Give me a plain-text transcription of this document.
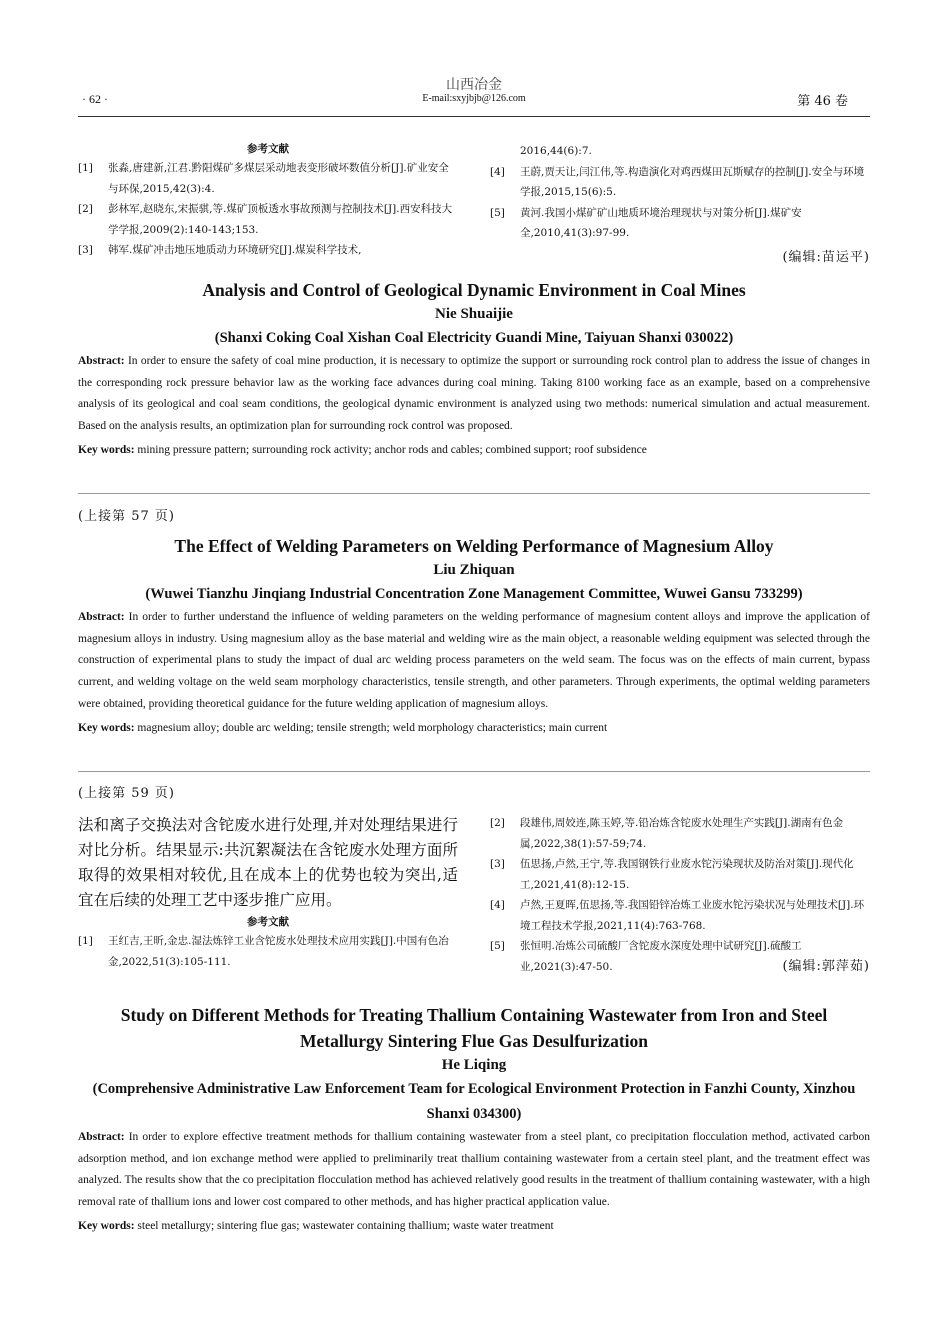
山西冶金
E-mail:sxyjbjb@126.com
· 62 ·	第 46 卷
参考文献
[1] 张淼,唐建新,江君.黔阳煤矿多煤层采动地表变形破坏数值分析[J].矿业安全与环保,2015,42(3):4.
[2] 彭林军,赵晓东,宋振骐,等.煤矿顶板透水事故预测与控制技术[J].西安科技大学学报,2009(2):140-143;153.
[3] 韩军.煤矿冲击地压地质动力环境研究[J].煤炭科学技术,
2016,44(6):7.
[4] 王蔚,贾天让,闫江伟,等.构造演化对鸡西煤田瓦斯赋存的控制[J].安全与环境学报,2015,15(6):5.
[5] 黄河.我国小煤矿矿山地质环境治理现状与对策分析[J].煤矿安全,2010,41(3):97-99.
(编辑:苗运平)
Analysis and Control of Geological Dynamic Environment in Coal Mines
Nie Shuaijie
(Shanxi Coking Coal Xishan Coal Electricity Guandi Mine, Taiyuan Shanxi 030022)
Abstract: In order to ensure the safety of coal mine production, it is necessary to optimize the support or surrounding rock control plan to address the issue of changes in the corresponding rock pressure behavior law as the working face advances during coal mining. Taking 8100 working face as an example, based on a comprehensive analysis of its geological and coal seam conditions, the geological dynamic environment is analyzed using two methods: numerical simulation and actual measurement. Based on the analysis results, an optimization plan for surrounding rock control was proposed.
Key words: mining pressure pattern; surrounding rock activity; anchor rods and cables; combined support; roof subsidence
(上接第 57 页)
The Effect of Welding Parameters on Welding Performance of Magnesium Alloy
Liu Zhiquan
(Wuwei Tianzhu Jinqiang Industrial Concentration Zone Management Committee, Wuwei Gansu 733299)
Abstract: In order to further understand the influence of welding parameters on the welding performance of magnesium content alloys and improve the application of magnesium alloys in industry. Using magnesium alloy as the base material and welding wire as the main object, a reasonable welding equipment was selected through the construction of experimental plans to study the impact of dual arc welding process parameters on the weld seam. The focus was on the effects of main current, bypass current, and welding voltage on the weld seam morphology characteristics, tensile strength, and other parameters. Through experiments, the optimal welding parameters were obtained, providing theoretical guidance for the future welding application of magnesium alloys.
Key words: magnesium alloy; double arc welding; tensile strength; weld morphology characteristics; main current
(上接第 59 页)
法和离子交换法对含铊废水进行处理,并对处理结果进行对比分析。结果显示:共沉絮凝法在含铊废水处理方面所取得的效果相对较优,且在成本上的优势也较为突出,适宜在后续的处理工艺中逐步推广应用。
参考文献
[1] 王红吉,王昕,金忠.湿法炼锌工业含铊废水处理技术应用实践[J].中国有色冶金,2022,51(3):105-111.
[2] 段雄伟,周姣连,陈玉婷,等.铅冶炼含铊废水处理生产实践[J].湖南有色金属,2022,38(1):57-59;74.
[3] 伍思扬,卢然,王宁,等.我国钢铁行业废水铊污染现状及防治对策[J].现代化工,2021,41(8):12-15.
[4] 卢然,王夏晖,伍思扬,等.我国铅锌冶炼工业废水铊污染状况与处理技术[J].环境工程技术学报,2021,11(4):763-768.
[5] 张恒明.冶炼公司硫酸厂含铊废水深度处理中试研究[J].硫酸工业,2021(3):47-50.	(编辑:郭萍茹)
Study on Different Methods for Treating Thallium Containing Wastewater from Iron and Steel Metallurgy Sintering Flue Gas Desulfurization
He Liqing
(Comprehensive Administrative Law Enforcement Team for Ecological Environment Protection in Fanzhi County, Xinzhou Shanxi 034300)
Abstract: In order to explore effective treatment methods for thallium containing wastewater from a steel plant, co precipitation flocculation method, activated carbon adsorption method, and ion exchange method were applied to preliminarily treat thallium containing wastewater from a certain steel plant, and the treatment effect was analyzed. The results show that the co precipitation flocculation method has achieved relatively good results in the treatment of thallium containing wastewater, with a high removal rate of thallium ions and lower cost compared to other methods, and has higher practical application value.
Key words: steel metallurgy; sintering flue gas; wastewater containing thallium; waste water treatment
